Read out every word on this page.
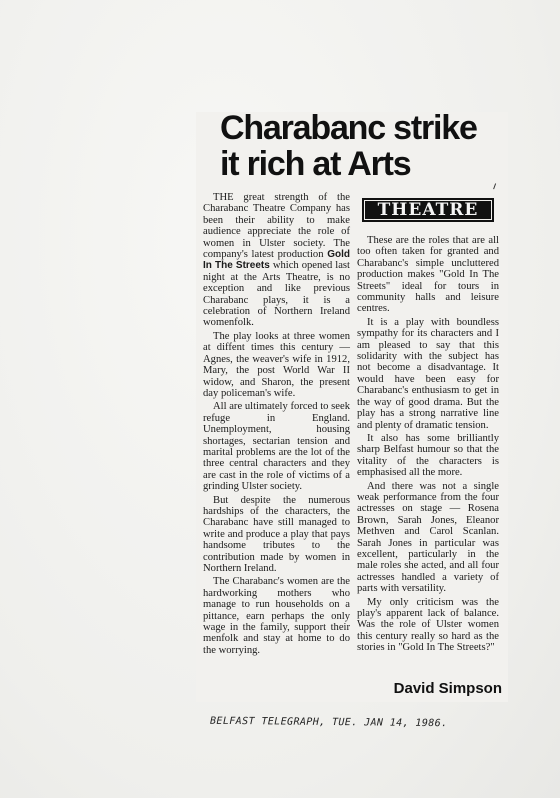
Charabanc strike
it rich at Arts

THE great strength of the Charabanc Theatre Company has been their ability to make audience appreciate the role of women in Ulster society. The company's latest production Gold In The Streets which opened last night at the Arts Theatre, is no exception and like previous Charabanc plays, it is a celebration of Northern Ireland womenfolk.

The play looks at three women at diffent times this century — Agnes, the weaver's wife in 1912, Mary, the post World War II widow, and Sharon, the present day policeman's wife.

All are ultimately forced to seek refuge in England. Unemployment, housing shortages, sectarian tension and marital problems are the lot of the three central characters and they are cast in the role of victims of a grinding Ulster society.

But despite the numerous hardships of the characters, the Charabanc have still managed to write and produce a play that pays handsome tributes to the contribution made by women in Northern Ireland.

The Charabanc's women are the hardworking mothers who manage to run households on a pittance, earn perhaps the only wage in the family, support their menfolk and stay at home to do the worrying.

THEATRE

These are the roles that are all too often taken for granted and Charabanc's simple uncluttered production makes "Gold In The Streets" ideal for tours in community halls and leisure centres.

It is a play with boundless sympathy for its characters and I am pleased to say that this solidarity with the subject has not become a disadvantage. It would have been easy for Charabanc's enthusiasm to get in the way of good drama. But the play has a strong narrative line and plenty of dramatic tension.

It also has some brilliantly sharp Belfast humour so that the vitality of the characters is emphasised all the more.

And there was not a single weak performance from the four actresses on stage — Rosena Brown, Sarah Jones, Eleanor Methven and Carol Scanlan. Sarah Jones in particular was excellent, particularly in the male roles she acted, and all four actresses handled a variety of parts with versatility.

My only criticism was the play's apparent lack of balance. Was the role of Ulster women this century really so hard as the stories in "Gold In The Streets?"

David Simpson
BELFAST TELEGRAPH, TUE. JAN 14, 1986.
